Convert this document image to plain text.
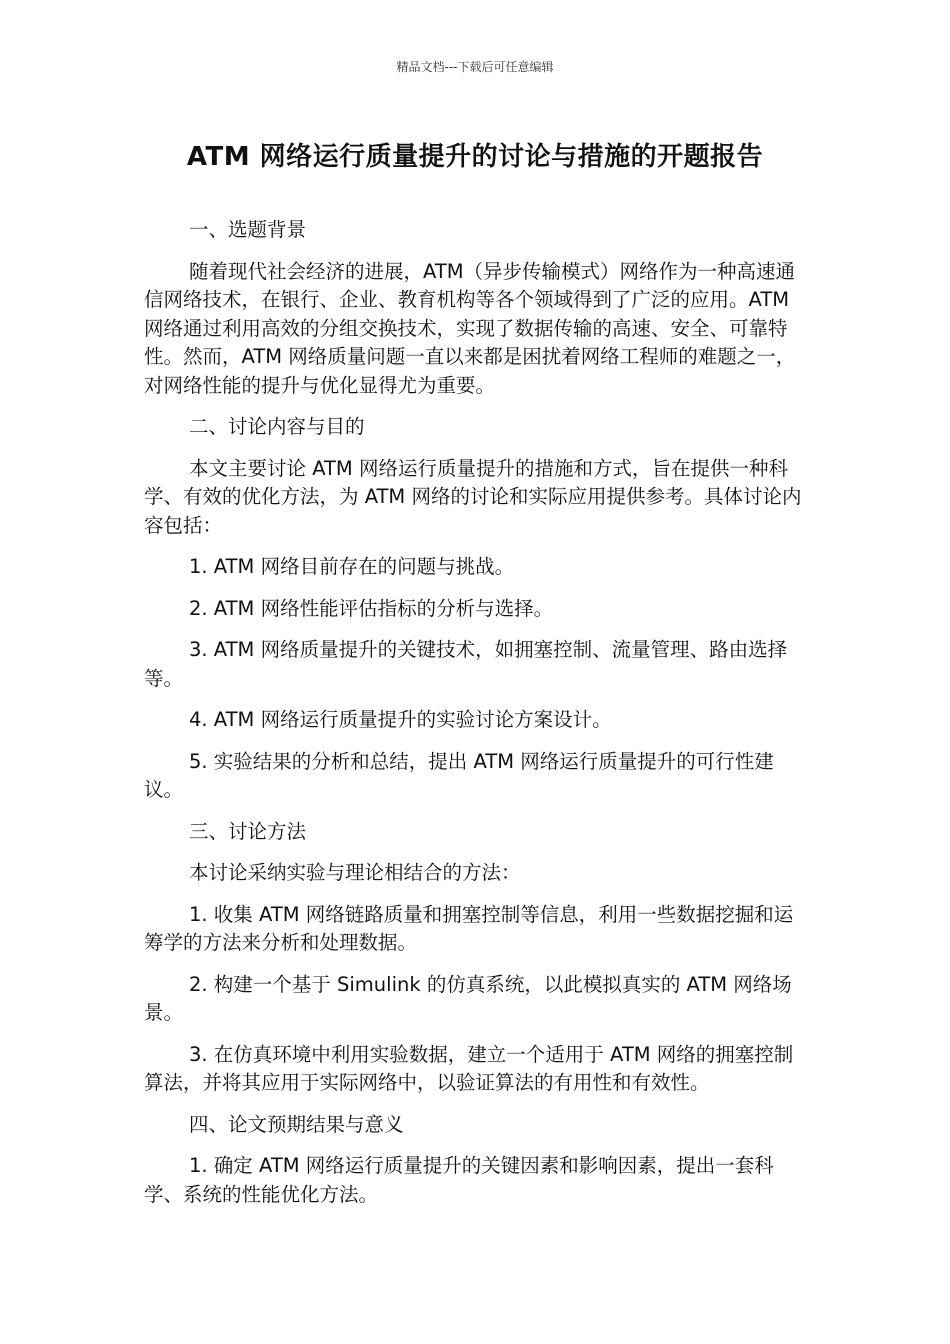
精品文档---下载后可任意编辑
ATM 网络运行质量提升的讨论与措施的开题报告
一、选题背景
随着现代社会经济的进展，ATM（异步传输模式）网络作为一种高速通信网络技术，在银行、企业、教育机构等各个领域得到了广泛的应用。ATM 网络通过利用高效的分组交换技术，实现了数据传输的高速、安全、可靠特性。然而，ATM 网络质量问题一直以来都是困扰着网络工程师的难题之一，对网络性能的提升与优化显得尤为重要。
二、讨论内容与目的
本文主要讨论 ATM 网络运行质量提升的措施和方式，旨在提供一种科学、有效的优化方法，为 ATM 网络的讨论和实际应用提供参考。具体讨论内容包括：
1. ATM 网络目前存在的问题与挑战。
2. ATM 网络性能评估指标的分析与选择。
3. ATM 网络质量提升的关键技术，如拥塞控制、流量管理、路由选择等。
4. ATM 网络运行质量提升的实验讨论方案设计。
5. 实验结果的分析和总结，提出 ATM 网络运行质量提升的可行性建议。
三、讨论方法
本讨论采纳实验与理论相结合的方法：
1. 收集 ATM 网络链路质量和拥塞控制等信息，利用一些数据挖掘和运筹学的方法来分析和处理数据。
2. 构建一个基于 Simulink 的仿真系统，以此模拟真实的 ATM 网络场景。
3. 在仿真环境中利用实验数据，建立一个适用于 ATM 网络的拥塞控制算法，并将其应用于实际网络中，以验证算法的有用性和有效性。
四、论文预期结果与意义
1. 确定 ATM 网络运行质量提升的关键因素和影响因素，提出一套科学、系统的性能优化方法。
